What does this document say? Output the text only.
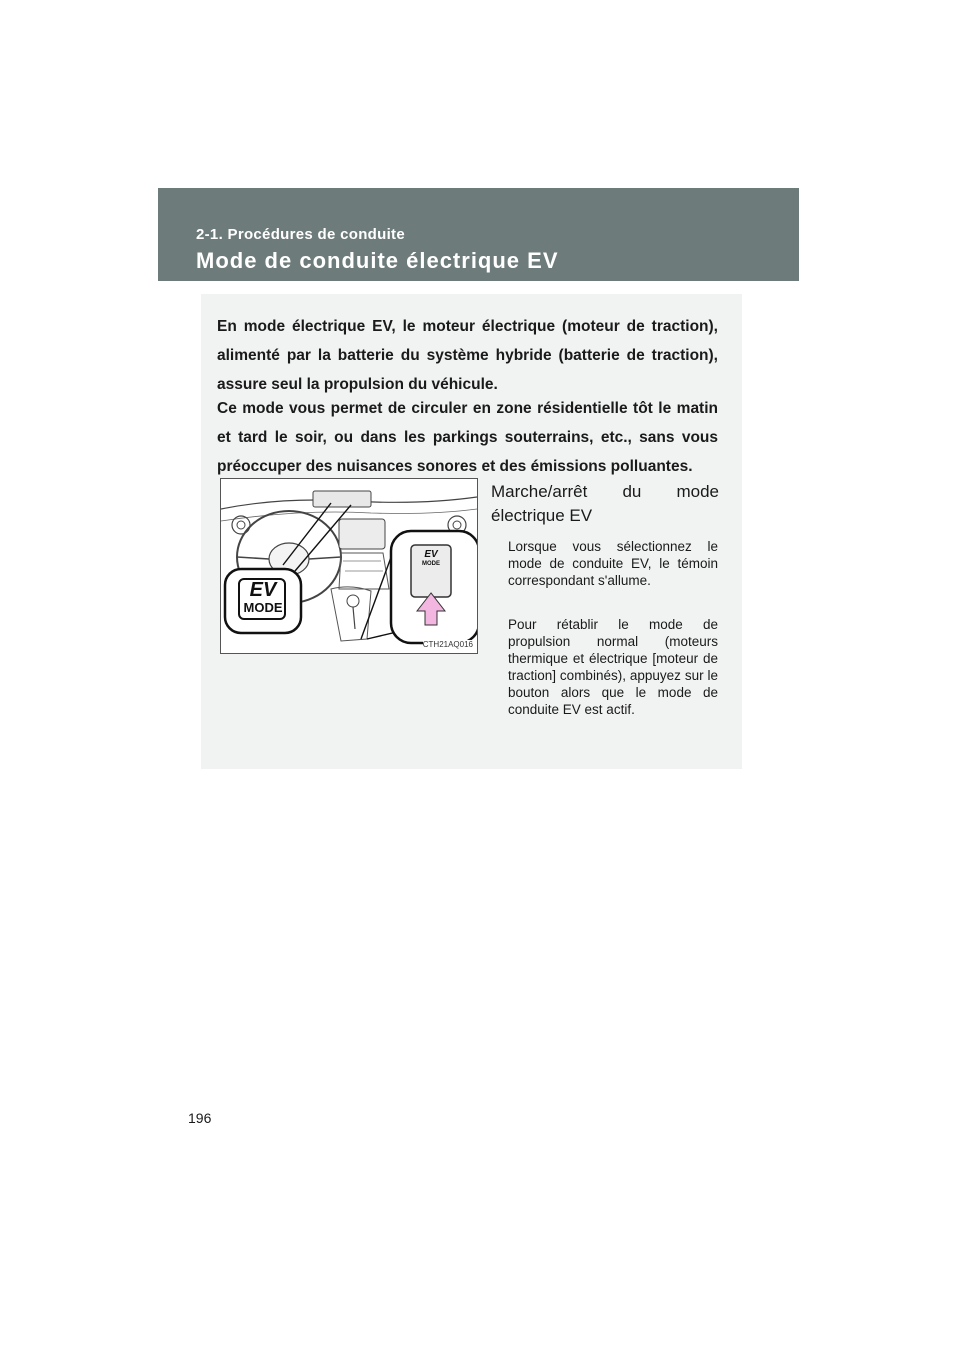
2-1. Procédures de conduite
Mode de conduite électrique EV

En mode électrique EV, le moteur électrique (moteur de traction), alimenté par la batterie du système hybride (batterie de traction), assure seul la propulsion du véhicule.

Ce mode vous permet de circuler en zone résidentielle tôt le matin et tard le soir, ou dans les parkings souterrains, etc., sans vous préoccuper des nuisances sonores et des émissions polluantes.

EV
MODE
EV
MODE
CTH21AQ016
Marche/arrêt du mode
électrique EV

Lorsque vous sélectionnez le mode de conduite EV, le témoin correspondant s'allume.

Pour rétablir le mode de propulsion normal (moteurs thermique et électrique [moteur de traction] combinés), appuyez sur le bouton alors que le mode de conduite EV est actif.

196
